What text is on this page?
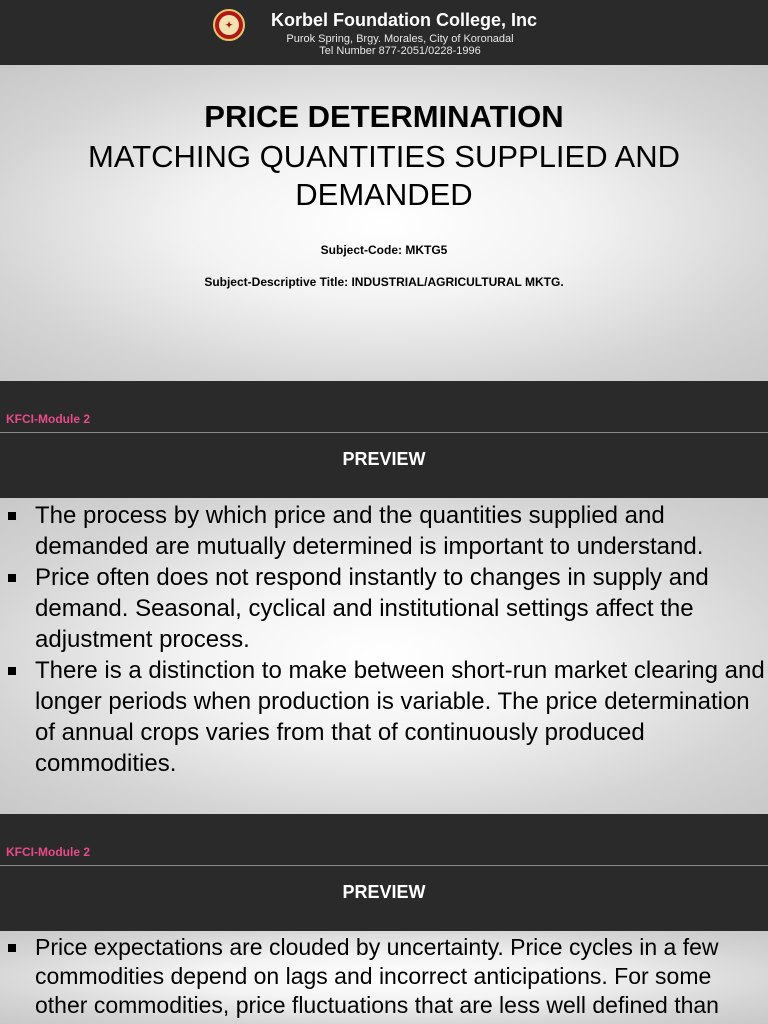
✦	Korbel Foundation College, Inc
Purok Spring, Brgy. Morales, City of Koronadal
Tel Number 877-2051/0228-1996
PRICE DETERMINATION
MATCHING QUANTITIES SUPPLIED AND DEMANDED
Subject-Code: MKTG5
Subject-Descriptive Title: INDUSTRIAL/AGRICULTURAL MKTG.
KFCI-Module 2
PREVIEW
The process by which price and the quantities supplied and demanded are mutually determined is important to understand.
Price often does not respond instantly to changes in supply and demand. Seasonal, cyclical and institutional settings affect the adjustment process.
There is a distinction to make between short-run market clearing and longer periods when production is variable. The price determination of annual crops varies from that of continuously produced commodities.
KFCI-Module 2
PREVIEW
Price expectations are clouded by uncertainty. Price cycles in a few commodities depend on lags and incorrect anticipations. For some other commodities, price fluctuations that are less well defined than
